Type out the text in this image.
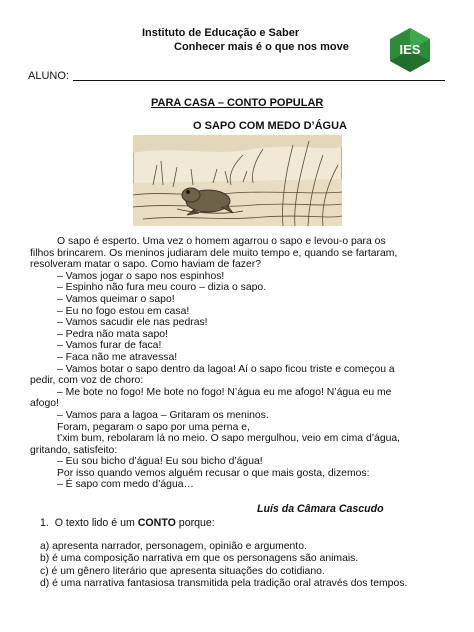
Instituto de Educação e Saber
Conhecer mais é o que nos move	IES
ALUNO:
PARA CASA – CONTO POPULAR
O SAPO COM MEDO D’ÁGUA

O sapo é esperto. Uma vez o homem agarrou o sapo e levou-o para os

filhos brincarem. Os meninos judiaram dele muito tempo e, quando se fartaram,

resolveram matar o sapo. Como haviam de fazer?

– Vamos jogar o sapo nos espinhos!

– Espinho não fura meu couro – dizia o sapo.

– Vamos queimar o sapo!

– Eu no fogo estou em casa!

– Vamos sacudir ele nas pedras!

– Pedra não mata sapo!

– Vamos furar de faca!

– Faca não me atravessa!

– Vamos botar o sapo dentro da lagoa! Aí o sapo ficou triste e começou a

pedir, com voz de choro:

– Me bote no fogo! Me bote no fogo! N’água eu me afogo! N’água eu me

afogo!

– Vamos para a lagoa – Gritaram os meninos.

Foram, pegaram o sapo por uma perna e,

t’xim bum, rebolaram lá no meio. O sapo mergulhou, veio em cima d’água,

gritando, satisfeito:

– Eu sou bicho d’água! Eu sou bicho d’água!

Por isso quando vemos alguém recusar o que mais gosta, dizemos:

– É sapo com medo d’água…

Luís da Câmara Cascudo
1. O texto lido é um CONTO porque:

a) apresenta narrador, personagem, opinião e argumento.

b) é uma composição narrativa em que os personagens são animais.

c) é um gênero literário que apresenta situações do cotidiano.

d) é uma narrativa fantasiosa transmitida pela tradição oral através dos tempos.
